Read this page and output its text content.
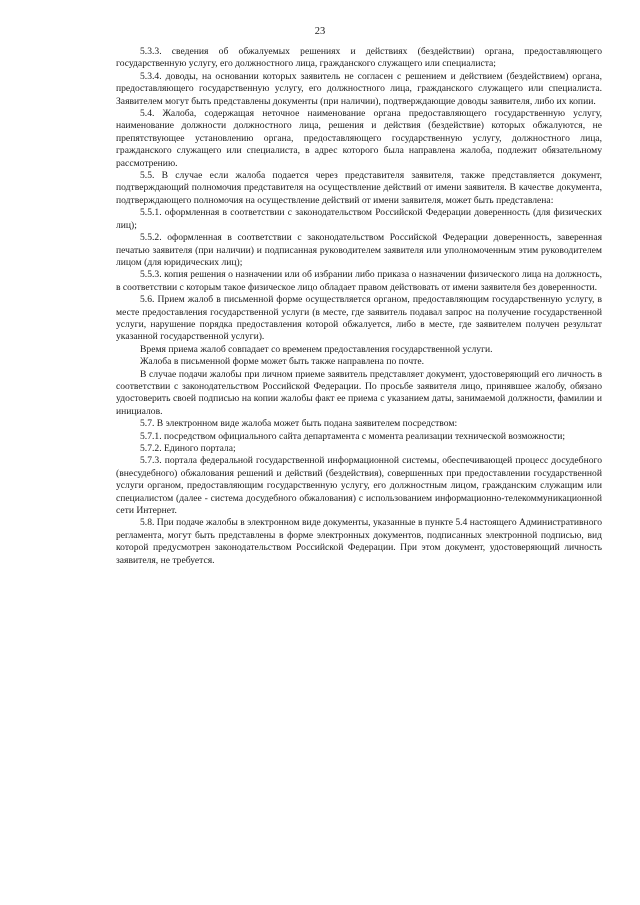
23

5.3.3. сведения об обжалуемых решениях и действиях (бездействии) органа, предоставляющего государственную услугу, его должностного лица, гражданского служащего или специалиста;

5.3.4. доводы, на основании которых заявитель не согласен с решением и действием (бездействием) органа, предоставляющего государственную услугу, его должностного лица, гражданского служащего или специалиста. Заявителем могут быть представлены документы (при наличии), подтверждающие доводы заявителя, либо их копии.

5.4. Жалоба, содержащая неточное наименование органа предоставляющего государственную услугу, наименование должности должностного лица, решения и действия (бездействие) которых обжалуются, не препятствующее установлению органа, предоставляющего государственную услугу, должностного лица, гражданского служащего или специалиста, в адрес которого была направлена жалоба, подлежит обязательному рассмотрению.

5.5. В случае если жалоба подается через представителя заявителя, также представляется документ, подтверждающий полномочия представителя на осуществление действий от имени заявителя. В качестве документа, подтверждающего полномочия на осуществление действий от имени заявителя, может быть представлена:

5.5.1. оформленная в соответствии с законодательством Российской Федерации доверенность (для физических лиц);

5.5.2. оформленная в соответствии с законодательством Российской Федерации доверенность, заверенная печатью заявителя (при наличии) и подписанная руководителем заявителя или уполномоченным этим руководителем лицом (для юридических лиц);

5.5.3. копия решения о назначении или об избрании либо приказа о назначении физического лица на должность, в соответствии с которым такое физическое лицо обладает правом действовать от имени заявителя без доверенности.

5.6. Прием жалоб в письменной форме осуществляется органом, предоставляющим государственную услугу, в месте предоставления государственной услуги (в месте, где заявитель подавал запрос на получение государственной услуги, нарушение порядка предоставления которой обжалуется, либо в месте, где заявителем получен результат указанной государственной услуги).

Время приема жалоб совпадает со временем предоставления государственной услуги.

Жалоба в письменной форме может быть также направлена по почте.

В случае подачи жалобы при личном приеме заявитель представляет документ, удостоверяющий его личность в соответствии с законодательством Российской Федерации. По просьбе заявителя лицо, принявшее жалобу, обязано удостоверить своей подписью на копии жалобы факт ее приема с указанием даты, занимаемой должности, фамилии и инициалов.

5.7. В электронном виде жалоба может быть подана заявителем посредством:

5.7.1. посредством официального сайта департамента с момента реализации технической возможности;

5.7.2. Единого портала;

5.7.3. портала федеральной государственной информационной системы, обеспечивающей процесс досудебного (внесудебного) обжалования решений и действий (бездействия), совершенных при предоставлении государственной услуги органом, предоставляющим государственную услугу, его должностным лицом, гражданским служащим или специалистом (далее - система досудебного обжалования) с использованием информационно-телекоммуникационной сети Интернет.

5.8. При подаче жалобы в электронном виде документы, указанные в пункте 5.4 настоящего Административного регламента, могут быть представлены в форме электронных документов, подписанных электронной подписью, вид которой предусмотрен законодательством Российской Федерации. При этом документ, удостоверяющий личность заявителя, не требуется.
